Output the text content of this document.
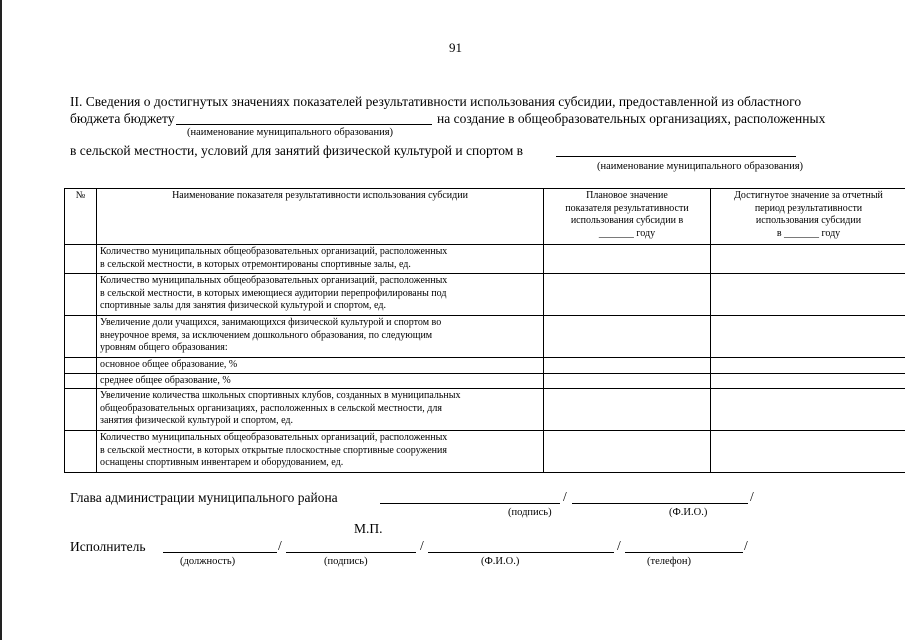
91
II. Сведения о достигнутых значениях показателей результативности использования субсидии, предоставленной из областного
бюджета бюджету	на создание в общеобразовательных организациях, расположенных
(наименование муниципального образования)
в сельской местности, условий для занятий физической культурой и спортом в
(наименование муниципального образования)
№	Наименование показателя результативности использования субсидии	Плановое значение
показателя результативности
использования субсидии в
_______ году	Достигнутое значение за отчетный
период результативности
использования субсидии
в _______ году

	Количество муниципальных общеобразовательных организаций, расположенных
в сельской местности, в которых отремонтированы спортивные залы, ед.		

	Количество муниципальных общеобразовательных организаций, расположенных
в сельской местности, в которых имеющиеся аудитории перепрофилированы под
спортивные залы для занятия физической культурой и спортом, ед.		

	Увеличение доли учащихся, занимающихся физической культурой и спортом во
внеурочное время, за исключением дошкольного образования, по следующим
уровням общего образования:		

	основное общее образование, %		
	среднее общее образование, %		

	Увеличение количества школьных спортивных клубов, созданных в муниципальных
общеобразовательных организациях, расположенных в сельской местности, для
занятия физической культурой и спортом, ед.		

	Количество муниципальных общеобразовательных организаций, расположенных
в сельской местности, в которых открытые плоскостные спортивные сооружения
оснащены спортивным инвентарем и оборудованием, ед.		

Глава администрации муниципального района	/	/
(подпись)	(Ф.И.О.)
М.П.
Исполнитель	/	/	/	/
(должность)	(подпись)	(Ф.И.О.)	(телефон)
